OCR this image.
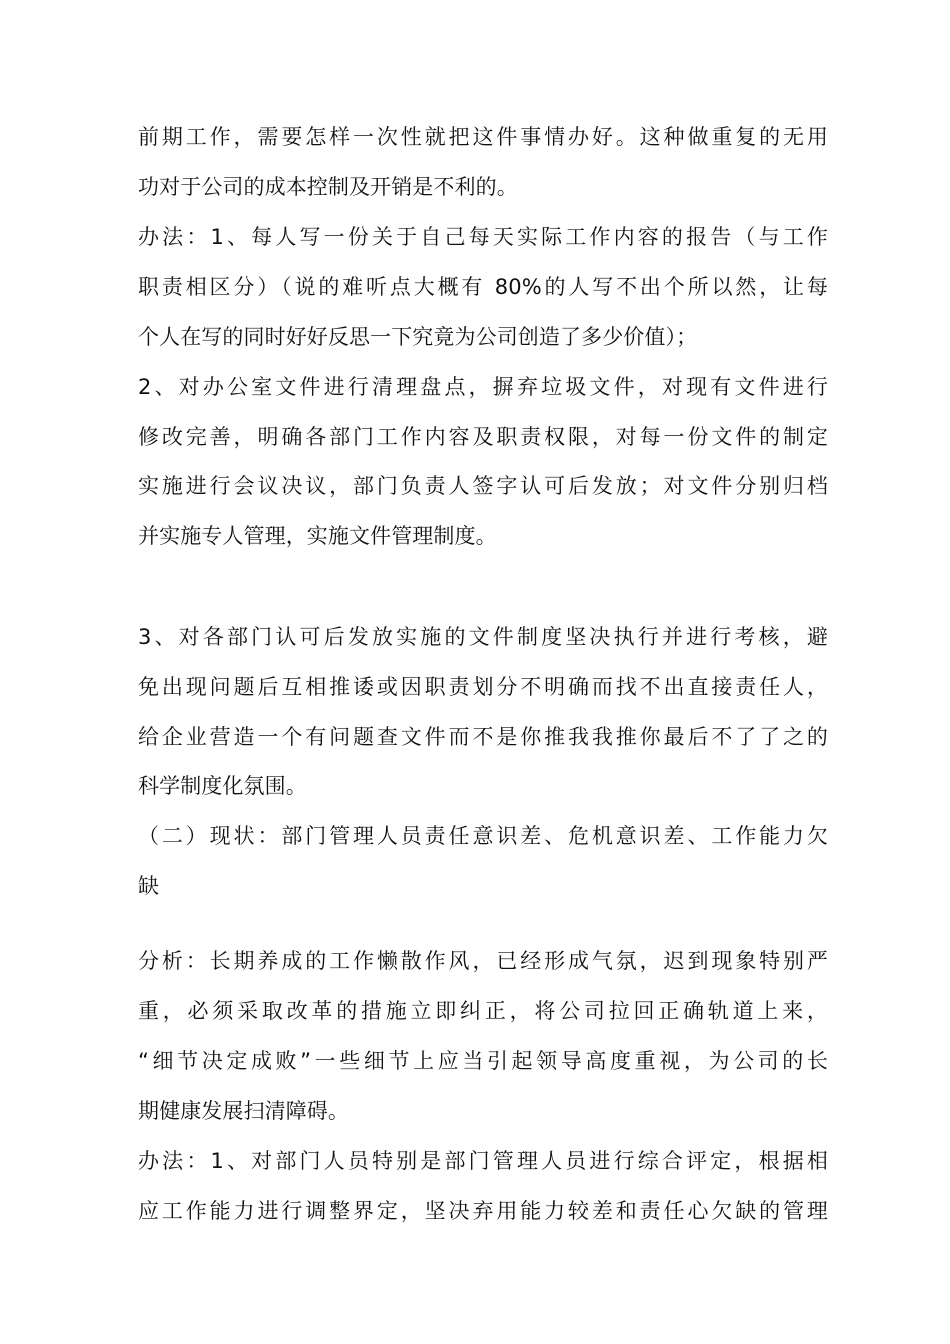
前期工作，需要怎样一次性就把这件事情办好。这种做重复的无用
功对于公司的成本控制及开销是不利的。
办法：1、每人写一份关于自己每天实际工作内容的报告（与工作
职责相区分）（说的难听点大概有 80%的人写不出个所以然，让每
个人在写的同时好好反思一下究竟为公司创造了多少价值）；
2、对办公室文件进行清理盘点，摒弃垃圾文件，对现有文件进行
修改完善，明确各部门工作内容及职责权限，对每一份文件的制定
实施进行会议决议，部门负责人签字认可后发放；对文件分别归档
并实施专人管理，实施文件管理制度。
3、对各部门认可后发放实施的文件制度坚决执行并进行考核，避
免出现问题后互相推诿或因职责划分不明确而找不出直接责任人，
给企业营造一个有问题查文件而不是你推我我推你最后不了了之的
科学制度化氛围。
（二）现状：部门管理人员责任意识差、危机意识差、工作能力欠
缺
分析：长期养成的工作懒散作风，已经形成气氛，迟到现象特别严
重，必须采取改革的措施立即纠正，将公司拉回正确轨道上来，
“细节决定成败”一些细节上应当引起领导高度重视，为公司的长
期健康发展扫清障碍。
办法：1、对部门人员特别是部门管理人员进行综合评定，根据相
应工作能力进行调整界定，坚决弃用能力较差和责任心欠缺的管理
